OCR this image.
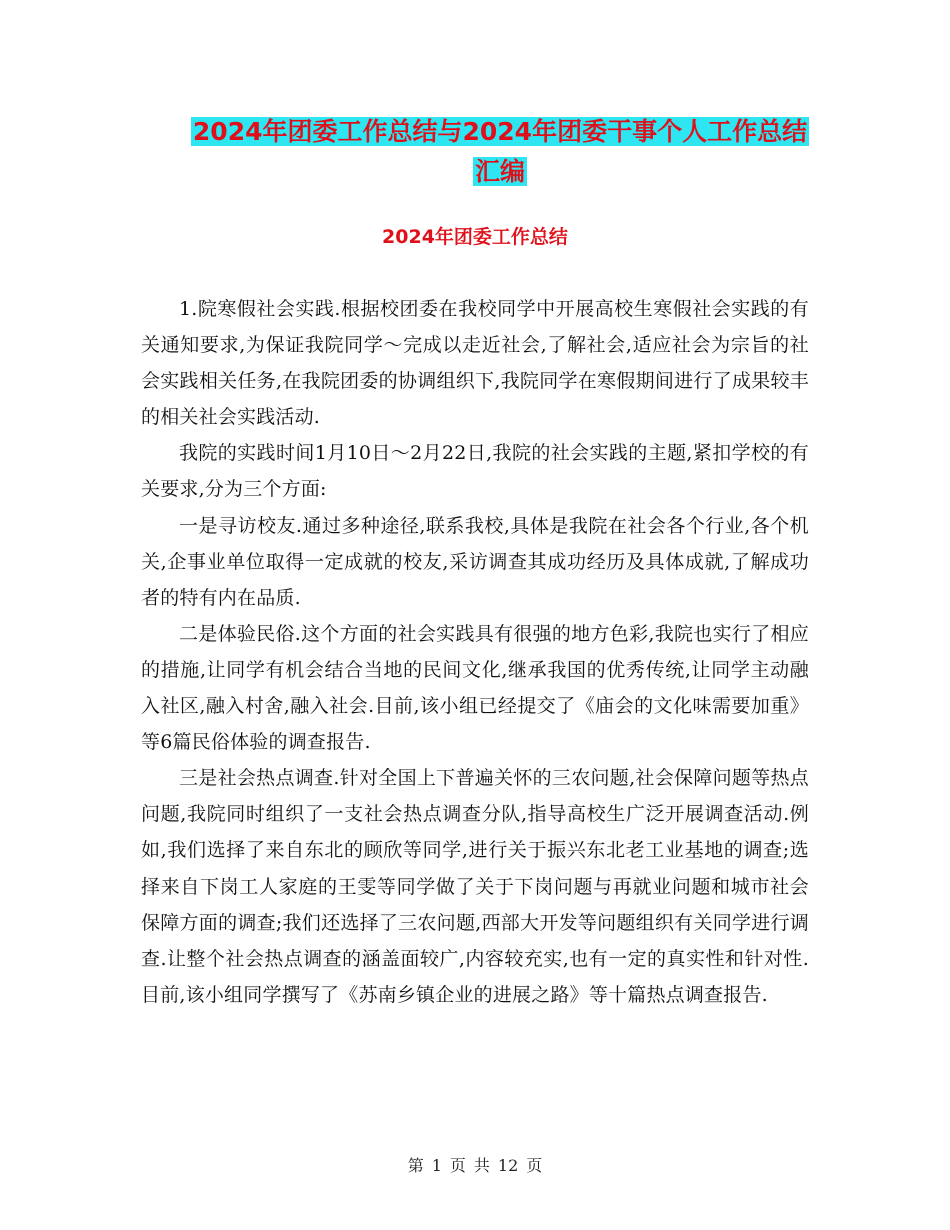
2024年团委工作总结与2024年团委干事个人工作总结
汇编
2024年团委工作总结

1.院寒假社会实践.根据校团委在我校同学中开展高校生寒假社会实践的有关通知要求,为保证我院同学～完成以走近社会,了解社会,适应社会为宗旨的社会实践相关任务,在我院团委的协调组织下,我院同学在寒假期间进行了成果较丰的相关社会实践活动.

我院的实践时间1月10日～2月22日,我院的社会实践的主题,紧扣学校的有关要求,分为三个方面:

一是寻访校友.通过多种途径,联系我校,具体是我院在社会各个行业,各个机关,企事业单位取得一定成就的校友,采访调查其成功经历及具体成就,了解成功者的特有内在品质.

二是体验民俗.这个方面的社会实践具有很强的地方色彩,我院也实行了相应的措施,让同学有机会结合当地的民间文化,继承我国的优秀传统,让同学主动融入社区,融入村舍,融入社会.目前,该小组已经提交了《庙会的文化味需要加重》等6篇民俗体验的调查报告.

三是社会热点调查.针对全国上下普遍关怀的三农问题,社会保障问题等热点问题,我院同时组织了一支社会热点调查分队,指导高校生广泛开展调查活动.例如,我们选择了来自东北的顾欣等同学,进行关于振兴东北老工业基地的调查;选择来自下岗工人家庭的王雯等同学做了关于下岗问题与再就业问题和城市社会保障方面的调查;我们还选择了三农问题,西部大开发等问题组织有关同学进行调查.让整个社会热点调查的涵盖面较广,内容较充实,也有一定的真实性和针对性.目前,该小组同学撰写了《苏南乡镇企业的进展之路》等十篇热点调查报告.

第 1 页 共 12 页
